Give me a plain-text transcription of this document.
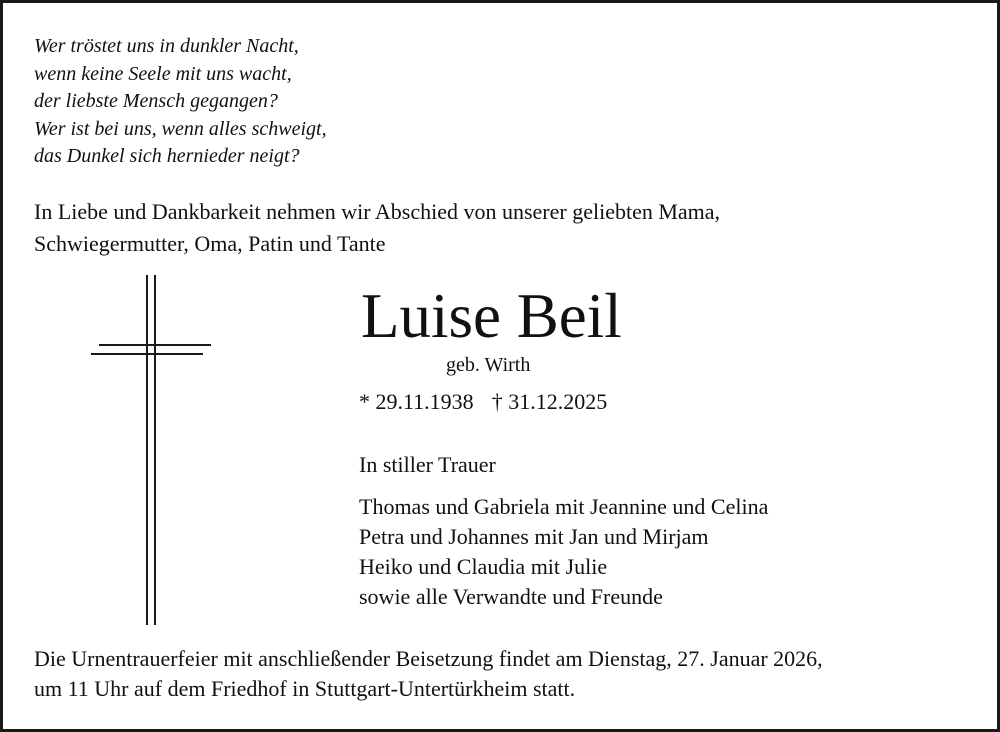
Wer tröstet uns in dunkler Nacht,
wenn keine Seele mit uns wacht,
der liebste Mensch gegangen?
Wer ist bei uns, wenn alles schweigt,
das Dunkel sich hernieder neigt?
In Liebe und Dankbarkeit nehmen wir Abschied von unserer geliebten Mama,
Schwiegermutter, Oma, Patin und Tante
Luise Beil
geb. Wirth
* 29.11.1938 † 31.12.2025
In stiller Trauer
Thomas und Gabriela mit Jeannine und Celina
Petra und Johannes mit Jan und Mirjam
Heiko und Claudia mit Julie
sowie alle Verwandte und Freunde
Die Urnentrauerfeier mit anschließender Beisetzung findet am Dienstag, 27. Januar 2026,
um 11 Uhr auf dem Friedhof in Stuttgart-Untertürkheim statt.
